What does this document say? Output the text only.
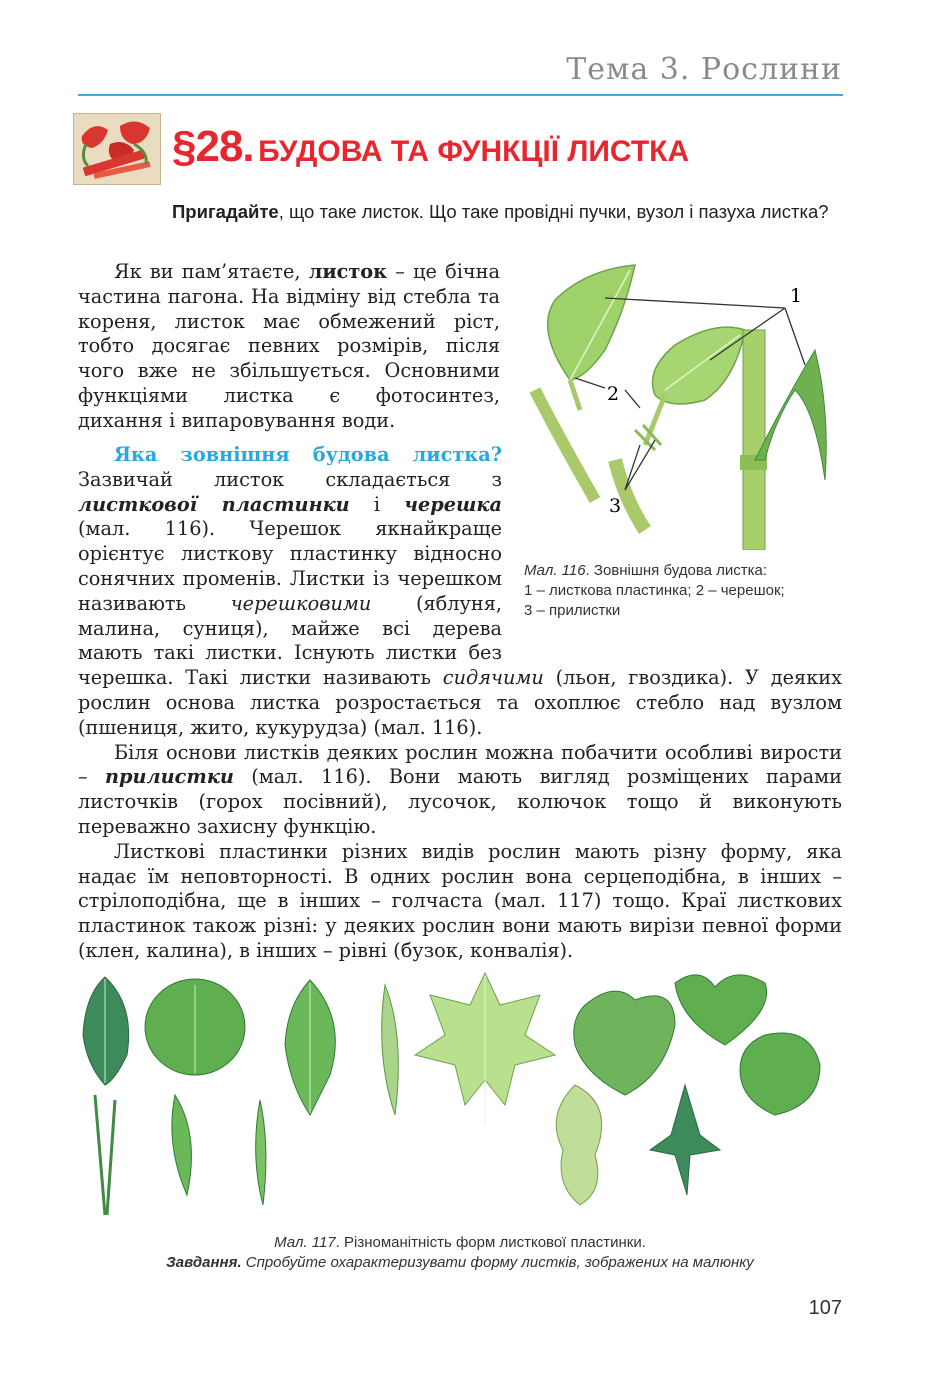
Тема 3. Рослини
§28. БУДОВА ТА ФУНКЦІЇ ЛИСТКА
Пригадайте, що таке листок. Що таке провідні пучки, вузол і пазуха листка?

Як ви пам’ятаєте, листок – це бічна частина пагона. На відміну від стебла та кореня, листок має обмежений ріст, тобто досягає певних розмірів, після чого вже не збільшується. Основними функціями листка є фотосинтез, дихання і випаровування води.

Яка зовнішня будова листка? Зазвичай листок складається з листкової пластинки і черешка (мал. 116). Черешок якнайкраще орієнтує листкову пластинку відносно сонячних променів. Листки із черешком називають черешковими (яблуня, малина, суниця), майже всі дерева мають такі листки. Існують листки без черешка. Такі листки називають сидячими (льон, гвоздика). У деяких рослин основа листка розростається та охоплює стебло над вузлом (пшениця, жито, кукурудза) (мал. 116).

Біля основи листків деяких рослин можна побачити особливі вирости – прилистки (мал. 116). Вони мають вигляд розміщених парами листочків (горох посівний), лусочок, колючок тощо й виконують переважно захисну функцію.

Листкові пластинки різних видів рослин мають різну форму, яка надає їм неповторності. В одних рослин вона серцеподібна, в інших – стрілоподібна, ще в інших – голчаста (мал. 117) тощо. Краї листкових пластинок також різні: у деяких рослин вони мають вирізи певної форми (клен, калина), в інших – рівні (бузок, конвалія).

1
2
3
Мал. 116. Зовнішня будова листка:
1 – листкова пластинка; 2 – черешок;
3 – прилистки
Мал. 117. Різноманітність форм листкової пластинки.
Завдання. Спробуйте охарактеризувати форму листків, зображених на малюнку
107
